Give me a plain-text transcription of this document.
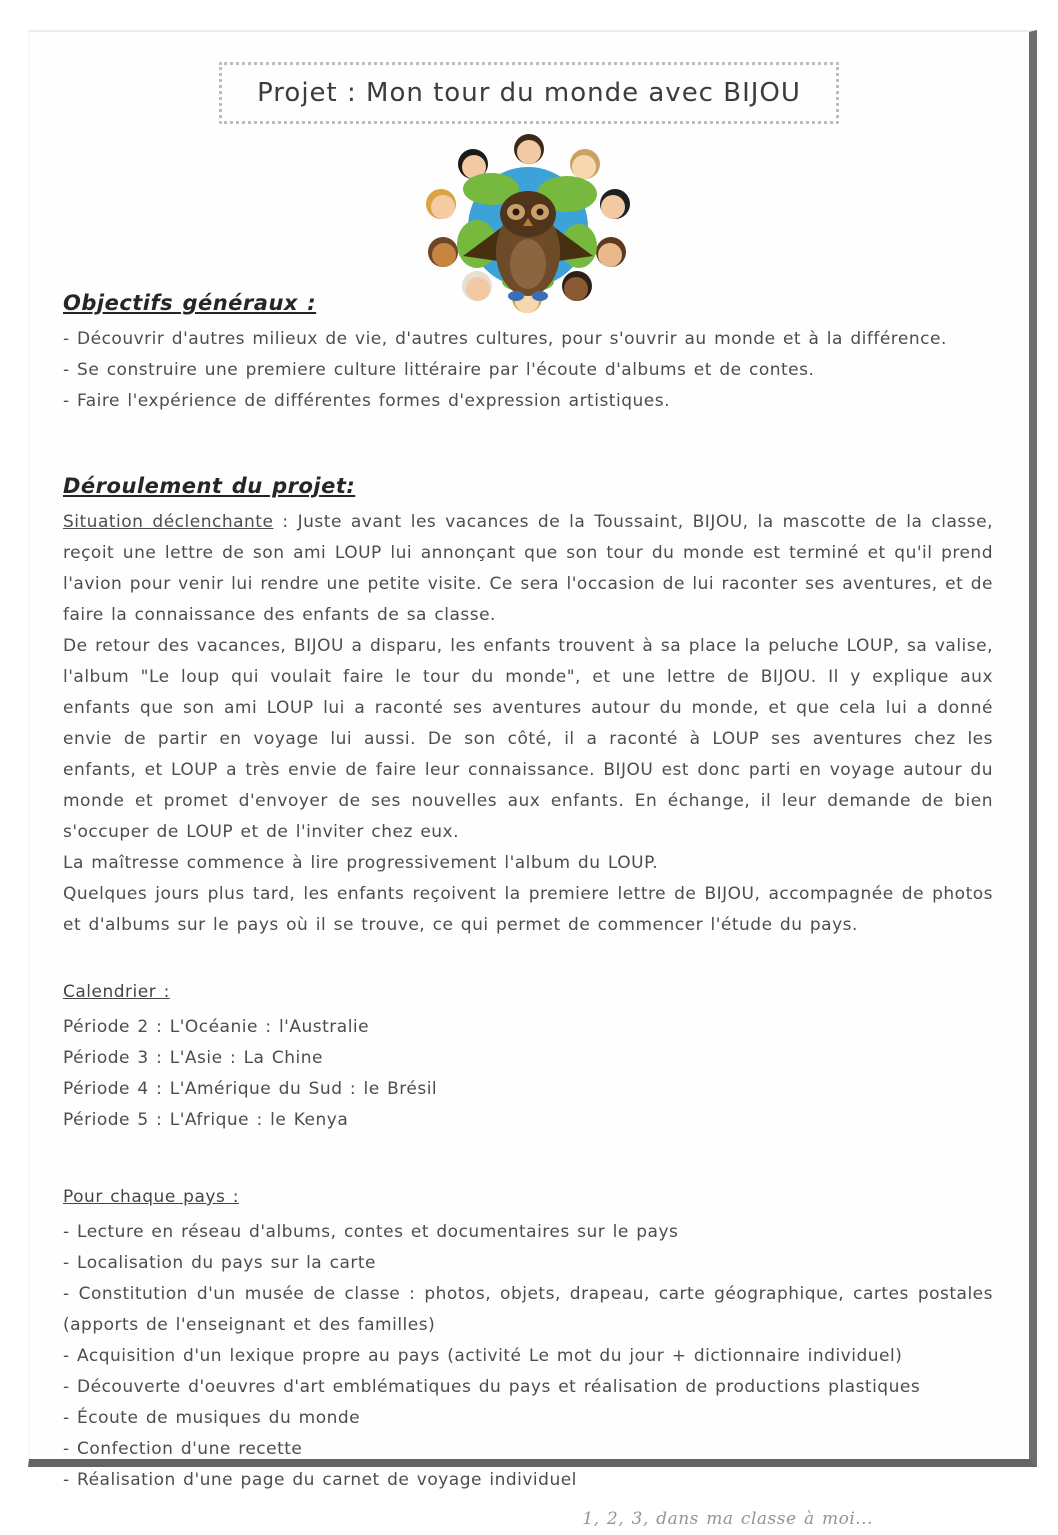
Projet : Mon tour du monde avec BIJOU
Objectifs généraux :
- Découvrir d'autres milieux de vie, d'autres cultures, pour s'ouvrir au monde et à la différence.
- Se construire une premiere culture littéraire par l'écoute d'albums et de contes.
- Faire l'expérience de différentes formes d'expression artistiques.
Déroulement du projet:
Situation déclenchante : Juste avant les vacances de la Toussaint, BIJOU, la mascotte de la classe, reçoit une lettre de son ami LOUP lui annonçant que son tour du monde est terminé et qu'il prend l'avion pour venir lui rendre une petite visite. Ce sera l'occasion de lui raconter ses aventures, et de faire la connaissance des enfants de sa classe.
De retour des vacances, BIJOU a disparu, les enfants trouvent à sa place la peluche LOUP, sa valise, l'album "Le loup qui voulait faire le tour du monde", et une lettre de BIJOU. Il y explique aux enfants que son ami LOUP lui a raconté ses aventures autour du monde, et que cela lui a donné envie de partir en voyage lui aussi. De son côté, il a raconté à LOUP ses aventures chez les enfants, et LOUP a très envie de faire leur connaissance. BIJOU est donc parti en voyage autour du monde et promet d'envoyer de ses nouvelles aux enfants. En échange, il leur demande de bien s'occuper de LOUP et de l'inviter chez eux.
La maîtresse commence à lire progressivement l'album du LOUP.
Quelques jours plus tard, les enfants reçoivent la premiere lettre de BIJOU, accompagnée de photos et d'albums sur le pays où il se trouve, ce qui permet de commencer l'étude du pays.
Calendrier :
Période 2 : L'Océanie : l'Australie
Période 3 : L'Asie : La Chine
Période 4 : L'Amérique du Sud : le Brésil
Période 5 : L'Afrique : le Kenya
Pour chaque pays :
- Lecture en réseau d'albums, contes et documentaires sur le pays
- Localisation du pays sur la carte
- Constitution d'un musée de classe : photos, objets, drapeau, carte géographique, cartes postales (apports de l'enseignant et des familles)
- Acquisition d'un lexique propre au pays (activité Le mot du jour + dictionnaire individuel)
- Découverte d'oeuvres d'art emblématiques du pays et réalisation de productions plastiques
- Écoute de musiques du monde
- Confection d'une recette
- Réalisation d'une page du carnet de voyage individuel
1, 2, 3, dans ma classe à moi...
